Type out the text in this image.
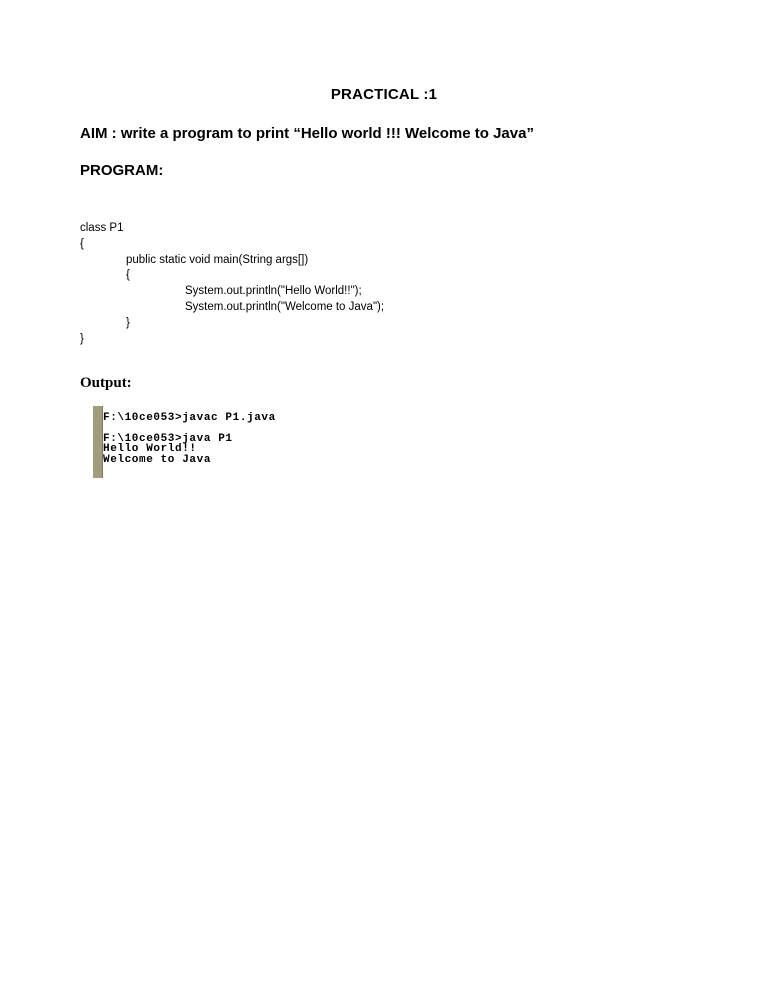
PRACTICAL :1
AIM : write a program to print “Hello world !!! Welcome to Java”
PROGRAM:
class P1
{
public static void main(String args[])
{
System.out.println("Hello World!!");
System.out.println("Welcome to Java");
}
}
Output:
F:\10ce053>javac P1.java
F:\10ce053>java P1
Hello World!!
Welcome to Java
